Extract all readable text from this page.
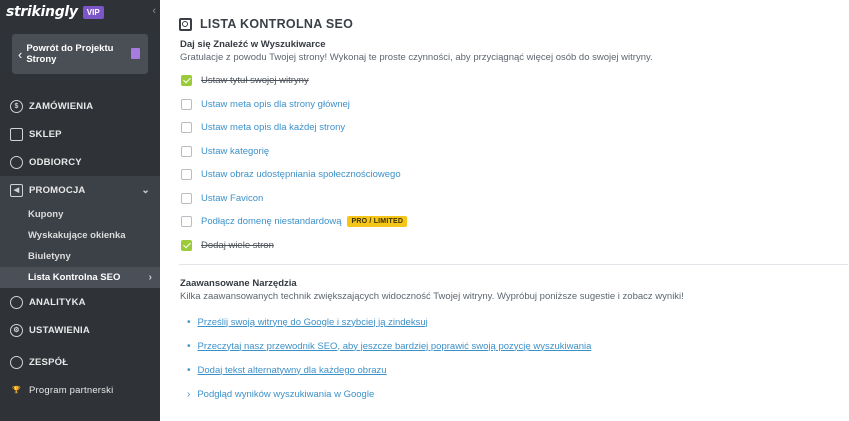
strikingly	VIP	‹
‹ Powrót do Projektu Strony
$	ZAMÓWIENIA
SKLEP
ODBIORCY
◀	PROMOCJA	⌄
Kupony
Wyskakujące okienka
Biuletyny
Lista Kontrolna SEO	›
ANALITYKA
⚙ USTAWIENIA
ZESPÓŁ
🏆 Program partnerski
LISTA KONTROLNA SEO
Daj się Znaleźć w Wyszukiwarce
Gratulacje z powodu Twojej strony! Wykonaj te proste czynności, aby przyciągnąć więcej osób do swojej witryny.
Ustaw tytuł swojej witryny
Ustaw meta opis dla strony głównej
Ustaw meta opis dla każdej strony
Ustaw kategorię
Ustaw obraz udostępniania społecznościowego
Ustaw Favicon
Podłącz domenę niestandardową	PRO / LIMITED
Dodaj wiele stron
Zaawansowane Narzędzia
Kilka zaawansowanych technik zwiększających widoczność Twojej witryny. Wypróbuj poniższe sugestie i zobacz wyniki!
• Prześlij swoją witrynę do Google i szybciej ją zindeksuj
• Przeczytaj nasz przewodnik SEO, aby jeszcze bardziej poprawić swoją pozycję wyszukiwania
• Dodaj tekst alternatywny dla każdego obrazu
› Podgląd wyników wyszukiwania w Google
